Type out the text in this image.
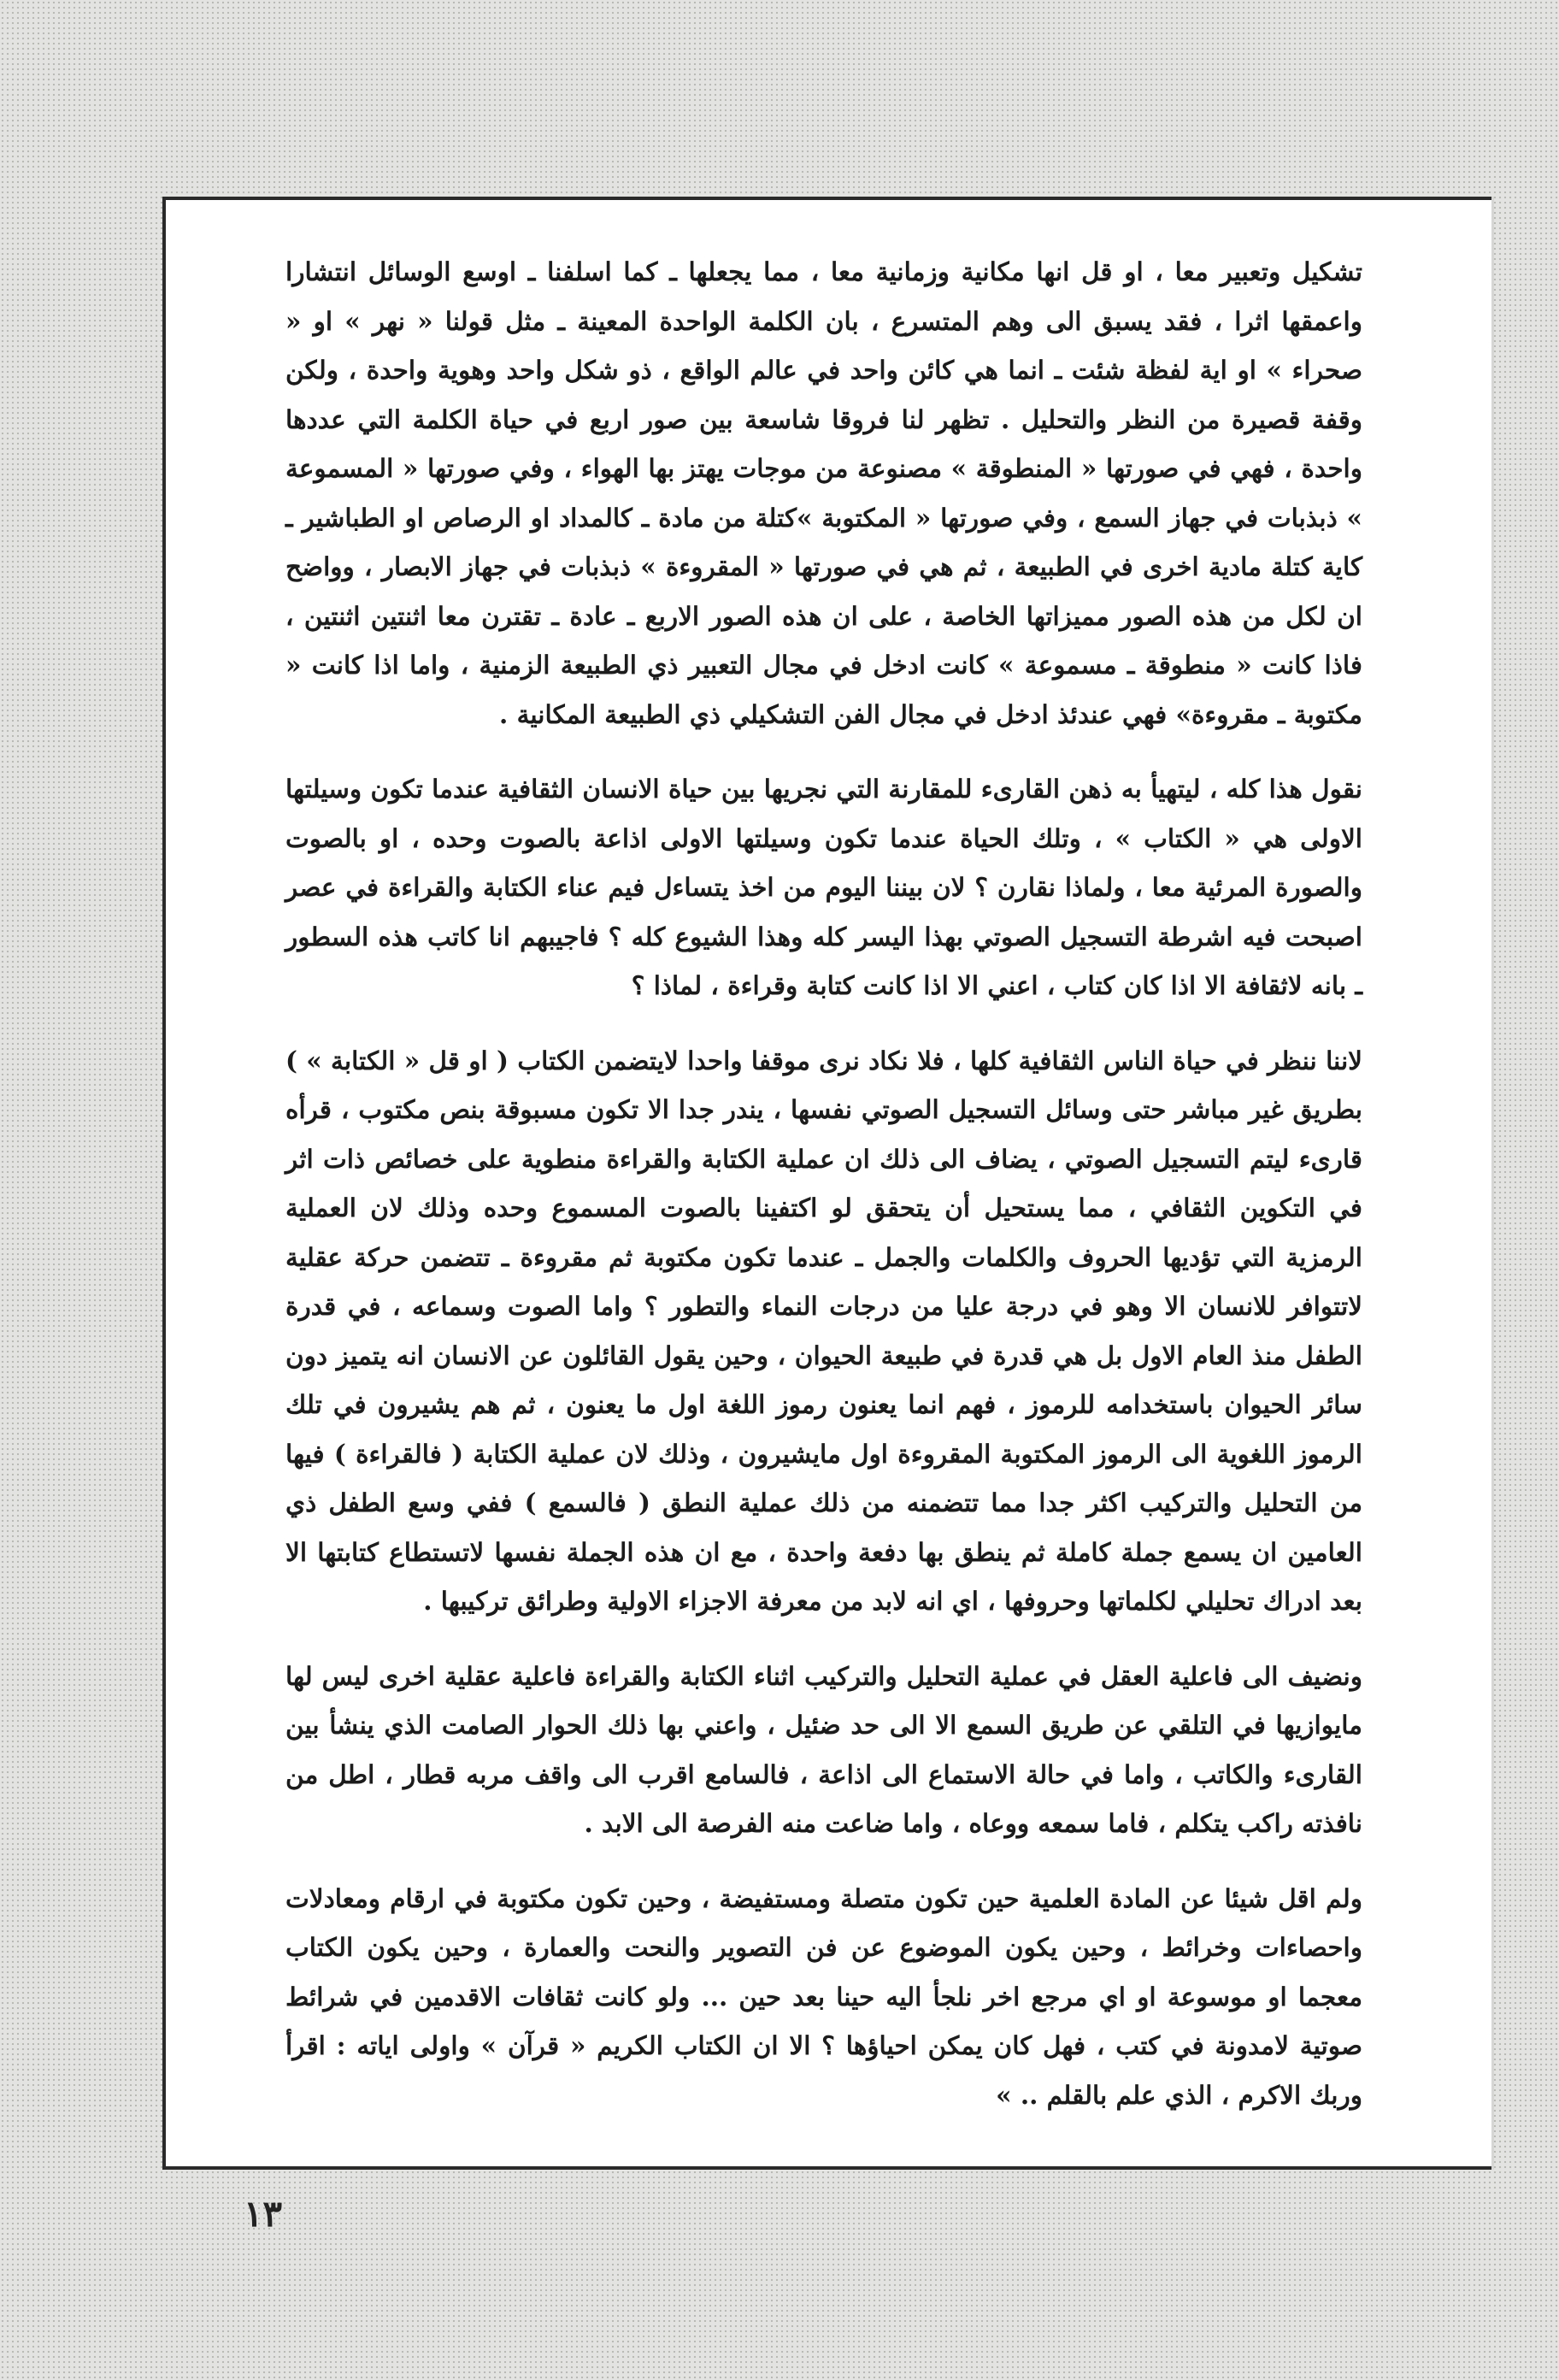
تشكيل وتعبير معا ، او قل انها مكانية وزمانية معا ، مما يجعلها ـ كما اسلفنا ـ اوسع الوسائل انتشارا واعمقها اثرا ، فقد يسبق الى وهم المتسرع ، بان الكلمة الواحدة المعينة ـ مثل قولنا « نهر » او « صحراء » او اية لفظة شئت ـ انما هي كائن واحد في عالم الواقع ، ذو شكل واحد وهوية واحدة ، ولكن وقفة قصيرة من النظر والتحليل . تظهر لنا فروقا شاسعة بين صور اربع في حياة الكلمة التي عددها واحدة ، فهي في صورتها « المنطوقة » مصنوعة من موجات يهتز بها الهواء ، وفي صورتها « المسموعة » ذبذبات في جهاز السمع ، وفي صورتها « المكتوبة »كتلة من مادة ـ كالمداد او الرصاص او الطباشير ـ كاية كتلة مادية اخرى في الطبيعة ، ثم هي في صورتها « المقروءة » ذبذبات في جهاز الابصار ، وواضح ان لكل من هذه الصور مميزاتها الخاصة ، على ان هذه الصور الاربع ـ عادة ـ تقترن معا اثنتين اثنتين ، فاذا كانت « منطوقة ـ مسموعة » كانت ادخل في مجال التعبير ذي الطبيعة الزمنية ، واما اذا كانت « مكتوبة ـ مقروءة» فهي عندئذ ادخل في مجال الفن التشكيلي ذي الطبيعة المكانية .

نقول هذا كله ، ليتهيأ به ذهن القارىء للمقارنة التي نجريها بين حياة الانسان الثقافية عندما تكون وسيلتها الاولى هي « الكتاب » ، وتلك الحياة عندما تكون وسيلتها الاولى اذاعة بالصوت وحده ، او بالصوت والصورة المرئية معا ، ولماذا نقارن ؟ لان بيننا اليوم من اخذ يتساءل فيم عناء الكتابة والقراءة في عصر اصبحت فيه اشرطة التسجيل الصوتي بهذا اليسر كله وهذا الشيوع كله ؟ فاجيبهم انا كاتب هذه السطور ـ بانه لاثقافة الا اذا كان كتاب ، اعني الا اذا كانت كتابة وقراءة ، لماذا ؟

لاننا ننظر في حياة الناس الثقافية كلها ، فلا نكاد نرى موقفا واحدا لايتضمن الكتاب ( او قل « الكتابة » ) بطريق غير مباشر حتى وسائل التسجيل الصوتي نفسها ، يندر جدا الا تكون مسبوقة بنص مكتوب ، قرأه قارىء ليتم التسجيل الصوتي ، يضاف الى ذلك ان عملية الكتابة والقراءة منطوية على خصائص ذات اثر في التكوين الثقافي ، مما يستحيل أن يتحقق لو اكتفينا بالصوت المسموع وحده وذلك لان العملية الرمزية التي تؤديها الحروف والكلمات والجمل ـ عندما تكون مكتوبة ثم مقروءة ـ تتضمن حركة عقلية لاتتوافر للانسان الا وهو في درجة عليا من درجات النماء والتطور ؟ واما الصوت وسماعه ، في قدرة الطفل منذ العام الاول بل هي قدرة في طبيعة الحيوان ، وحين يقول القائلون عن الانسان انه يتميز دون سائر الحيوان باستخدامه للرموز ، فهم انما يعنون رموز اللغة اول ما يعنون ، ثم هم يشيرون في تلك الرموز اللغوية الى الرموز المكتوبة المقروءة اول مايشيرون ، وذلك لان عملية الكتابة ( فالقراءة ) فيها من التحليل والتركيب اكثر جدا مما تتضمنه من ذلك عملية النطق ( فالسمع ) ففي وسع الطفل ذي العامين ان يسمع جملة كاملة ثم ينطق بها دفعة واحدة ، مع ان هذه الجملة نفسها لاتستطاع كتابتها الا بعد ادراك تحليلي لكلماتها وحروفها ، اي انه لابد من معرفة الاجزاء الاولية وطرائق تركيبها .

ونضيف الى فاعلية العقل في عملية التحليل والتركيب اثناء الكتابة والقراءة فاعلية عقلية اخرى ليس لها مايوازيها في التلقي عن طريق السمع الا الى حد ضئيل ، واعني بها ذلك الحوار الصامت الذي ينشأ بين القارىء والكاتب ، واما في حالة الاستماع الى اذاعة ، فالسامع اقرب الى واقف مربه قطار ، اطل من نافذته راكب يتكلم ، فاما سمعه ووعاه ، واما ضاعت منه الفرصة الى الابد .

ولم اقل شيئا عن المادة العلمية حين تكون متصلة ومستفيضة ، وحين تكون مكتوبة في ارقام ومعادلات واحصاءات وخرائط ، وحين يكون الموضوع عن فن التصوير والنحت والعمارة ، وحين يكون الكتاب معجما او موسوعة او اي مرجع اخر نلجأ اليه حينا بعد حين ... ولو كانت ثقافات الاقدمين في شرائط صوتية لامدونة في كتب ، فهل كان يمكن احياؤها ؟ الا ان الكتاب الكريم « قرآن » واولى اياته : اقرأ وربك الاكرم ، الذي علم بالقلم .. »

١٣
